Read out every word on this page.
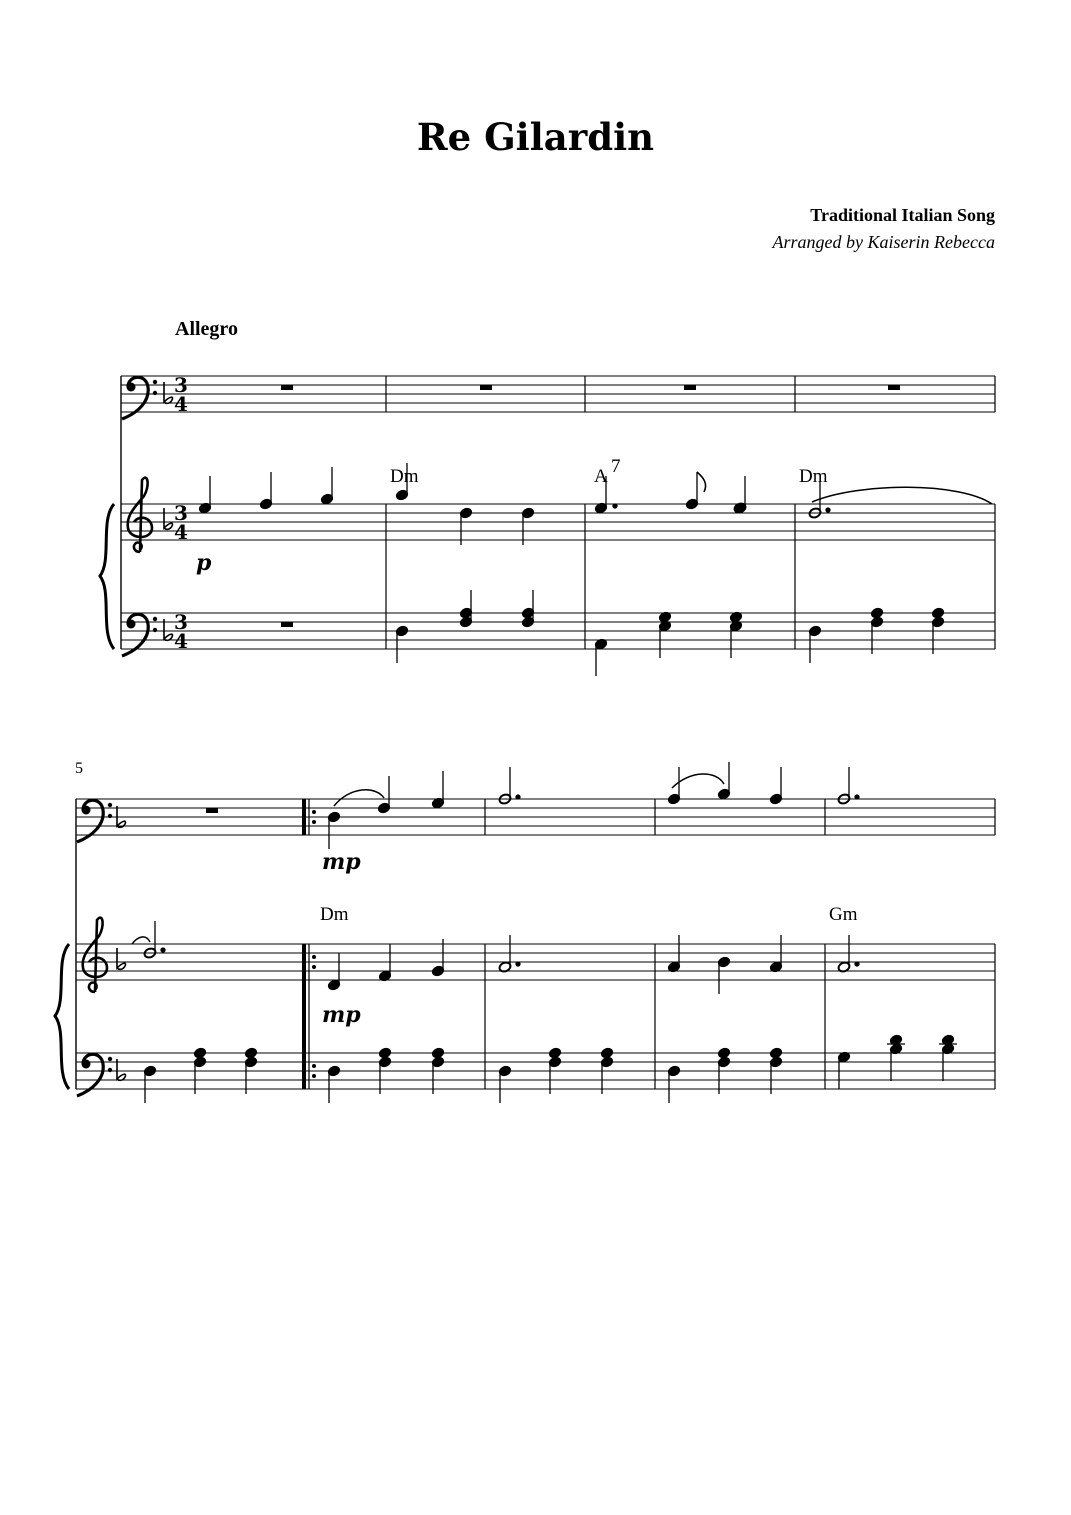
Re Gilardin
Traditional Italian Song
Arranged by Kaiserin Rebecca
Allegro
5
3
4
3
4
3
4
Dm	A 7	Dm
p
Dm	Gm
mp
mp
